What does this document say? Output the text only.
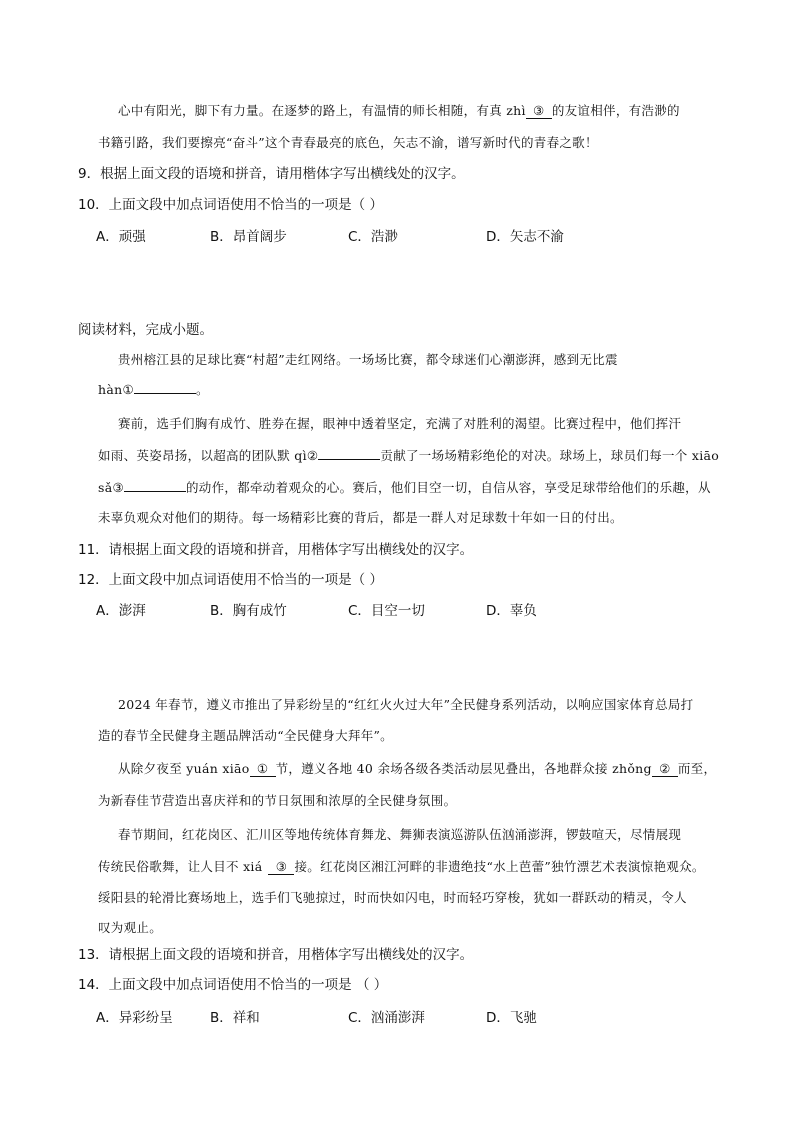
心中有阳光，脚下有力量。在逐梦的路上，有温情的师长相随，有真 zhì ③ 的友谊相伴，有浩渺的
书籍引路，我们要擦亮“奋斗”这个青春最亮的底色，矢志不渝，谱写新时代的青春之歌！
9．根据上面文段的语境和拼音，请用楷体字写出横线处的汉字。
10．上面文段中加点词语使用不恰当的一项是（ ）
A．顽强	B．昂首阔步	C．浩渺	D．矢志不渝
阅读材料，完成小题。
贵州榕江县的足球比赛“村超”走红网络。一场场比赛，都令球迷们心潮澎湃，感到无比震
hàn①	。
赛前，选手们胸有成竹、胜券在握，眼神中透着坚定，充满了对胜利的渴望。比赛过程中，他们挥汗
如雨、英姿昂扬，以超高的团队默 qì②	贡献了一场场精彩绝伦的对决。球场上，球员们每一个 xiāo
sǎ③	的动作，都牵动着观众的心。赛后，他们目空一切，自信从容，享受足球带给他们的乐趣，从
未辜负观众对他们的期待。每一场精彩比赛的背后，都是一群人对足球数十年如一日的付出。
11．请根据上面文段的语境和拼音，用楷体字写出横线处的汉字。
12．上面文段中加点词语使用不恰当的一项是（ ）
A．澎湃	B．胸有成竹	C．目空一切	D．辜负
2024 年春节，遵义市推出了异彩纷呈的“红红火火过大年”全民健身系列活动，以响应国家体育总局打
造的春节全民健身主题品牌活动“全民健身大拜年”。
从除夕夜至 yuán xiāo ① 节，遵义各地 40 余场各级各类活动层见叠出，各地群众接 zhǒng ② 而至，
为新春佳节营造出喜庆祥和的节日氛围和浓厚的全民健身氛围。
春节期间，红花岗区、汇川区等地传统体育舞龙、舞狮表演巡游队伍汹涌澎湃，锣鼓喧天，尽情展现
传统民俗歌舞，让人目不 xiá ③ 接。红花岗区湘江河畔的非遗绝技“水上芭蕾”独竹漂艺术表演惊艳观众。
绥阳县的轮滑比赛场地上，选手们飞驰掠过，时而快如闪电，时而轻巧穿梭，犹如一群跃动的精灵，令人
叹为观止。
13．请根据上面文段的语境和拼音，用楷体字写出横线处的汉字。
14．上面文段中加点词语使用不恰当的一项是 （ ）
A．异彩纷呈	B．祥和	C．汹涌澎湃	D．飞驰
